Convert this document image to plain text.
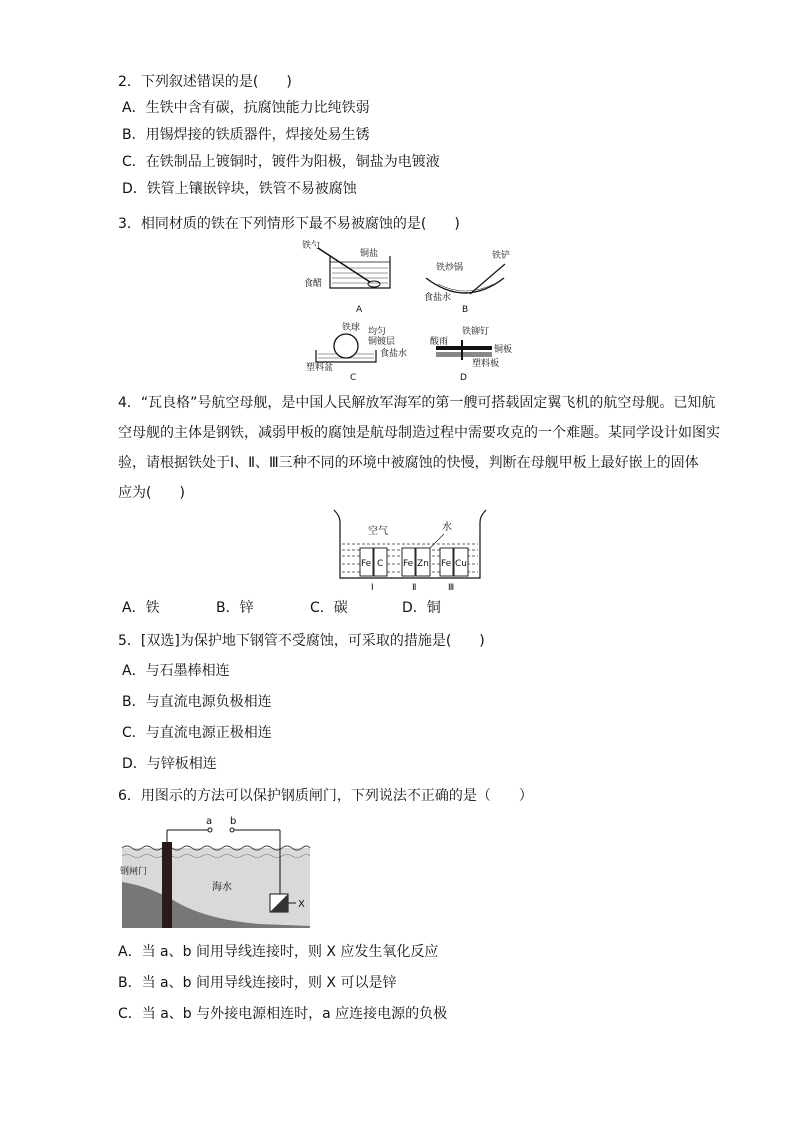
2．下列叙述错误的是(　　)
A．生铁中含有碳，抗腐蚀能力比纯铁弱
B．用锡焊接的铁质器件，焊接处易生锈
C．在铁制品上镀铜时，镀件为阳极，铜盐为电镀液
D．铁管上镶嵌锌块，铁管不易被腐蚀
3．相同材质的铁在下列情形下最不易被腐蚀的是(　　)
铁勺
铜盐
食醋
A
铁炒锅
铁铲
食盐水
B
铁球 均匀
铜镀层
食盐水
塑料盆
C
酸雨
铁铆钉
铜板
塑料板
D
4．“瓦良格”号航空母舰，是中国人民解放军海军的第一艘可搭载固定翼飞机的航空母舰。已知航
空母舰的主体是钢铁，减弱甲板的腐蚀是航母制造过程中需要攻克的一个难题。某同学设计如图实
验，请根据铁处于Ⅰ、Ⅱ、Ⅲ三种不同的环境中被腐蚀的快慢，判断在母舰甲板上最好嵌上的固体
应为(　　)
空气	水
Fe C
Ⅰ
Fe Zn
Ⅱ
Fe Cu
Ⅲ
A．铁	B．锌	C．碳	D．铜
5．[双选]为保护地下钢管不受腐蚀，可采取的措施是(　　)
A．与石墨棒相连
B．与直流电源负极相连
C．与直流电源正极相连
D．与锌板相连
6．用图示的方法可以保护钢质闸门，下列说法不正确的是（　　）
a b
钢闸门
海水
X
A．当 a、b 间用导线连接时，则 X 应发生氧化反应
B．当 a、b 间用导线连接时，则 X 可以是锌
C．当 a、b 与外接电源相连时，a 应连接电源的负极
